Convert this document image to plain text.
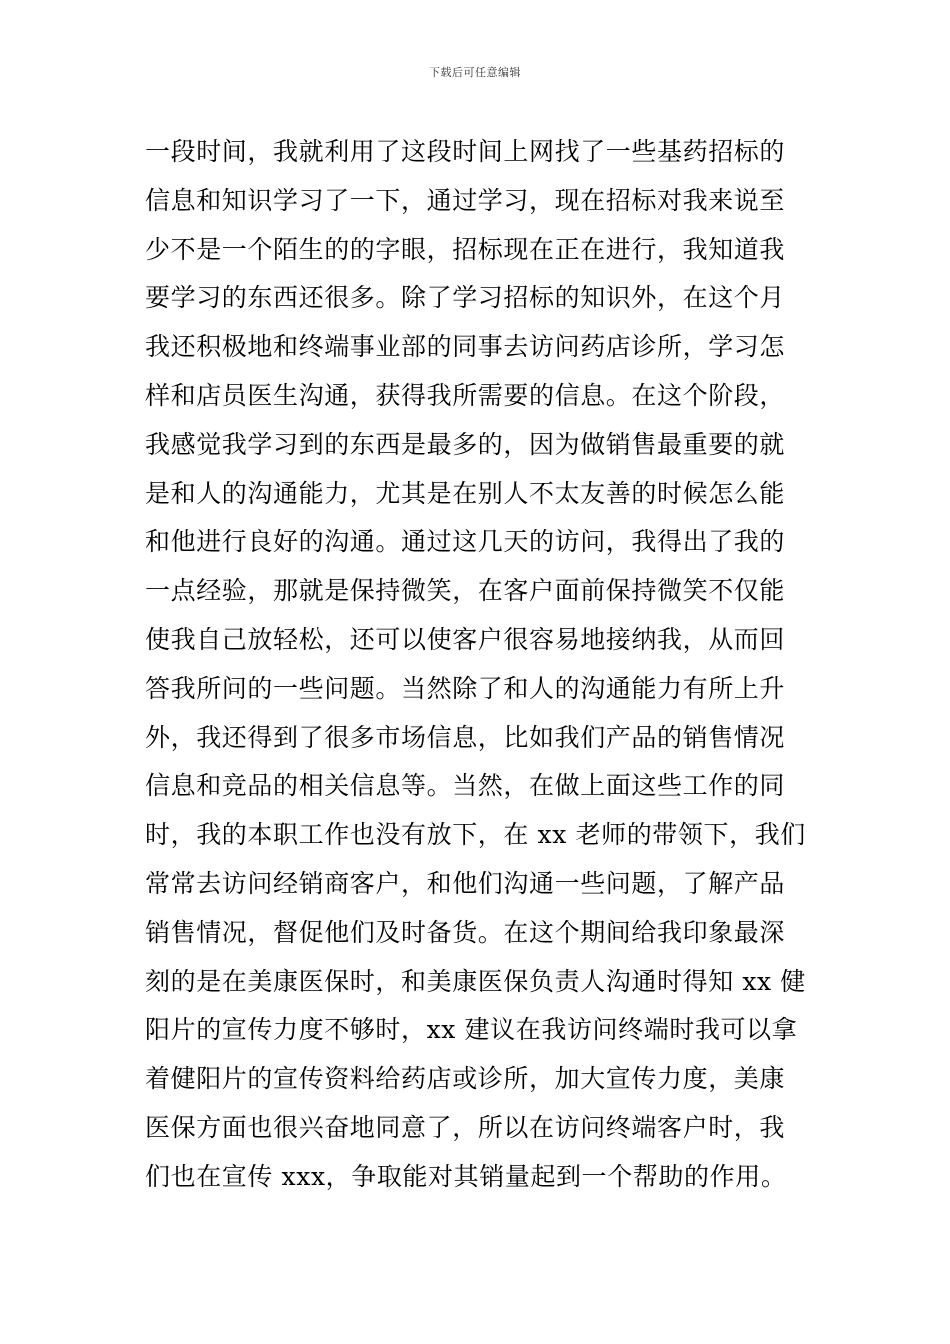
下载后可任意编辑
一段时间，我就利用了这段时间上网找了一些基药招标的
信息和知识学习了一下，通过学习，现在招标对我来说至
少不是一个陌生的的字眼，招标现在正在进行，我知道我
要学习的东西还很多。除了学习招标的知识外，在这个月
我还积极地和终端事业部的同事去访问药店诊所，学习怎
样和店员医生沟通，获得我所需要的信息。在这个阶段，
我感觉我学习到的东西是最多的，因为做销售最重要的就
是和人的沟通能力，尤其是在别人不太友善的时候怎么能
和他进行良好的沟通。通过这几天的访问，我得出了我的
一点经验，那就是保持微笑，在客户面前保持微笑不仅能
使我自己放轻松，还可以使客户很容易地接纳我，从而回
答我所问的一些问题。当然除了和人的沟通能力有所上升
外，我还得到了很多市场信息，比如我们产品的销售情况
信息和竞品的相关信息等。当然，在做上面这些工作的同
时，我的本职工作也没有放下，在 xx 老师的带领下，我们
常常去访问经销商客户，和他们沟通一些问题，了解产品
销售情况，督促他们及时备货。在这个期间给我印象最深
刻的是在美康医保时，和美康医保负责人沟通时得知 xx 健
阳片的宣传力度不够时，xx 建议在我访问终端时我可以拿
着健阳片的宣传资料给药店或诊所，加大宣传力度，美康
医保方面也很兴奋地同意了，所以在访问终端客户时，我
们也在宣传 xxx，争取能对其销量起到一个帮助的作用。
